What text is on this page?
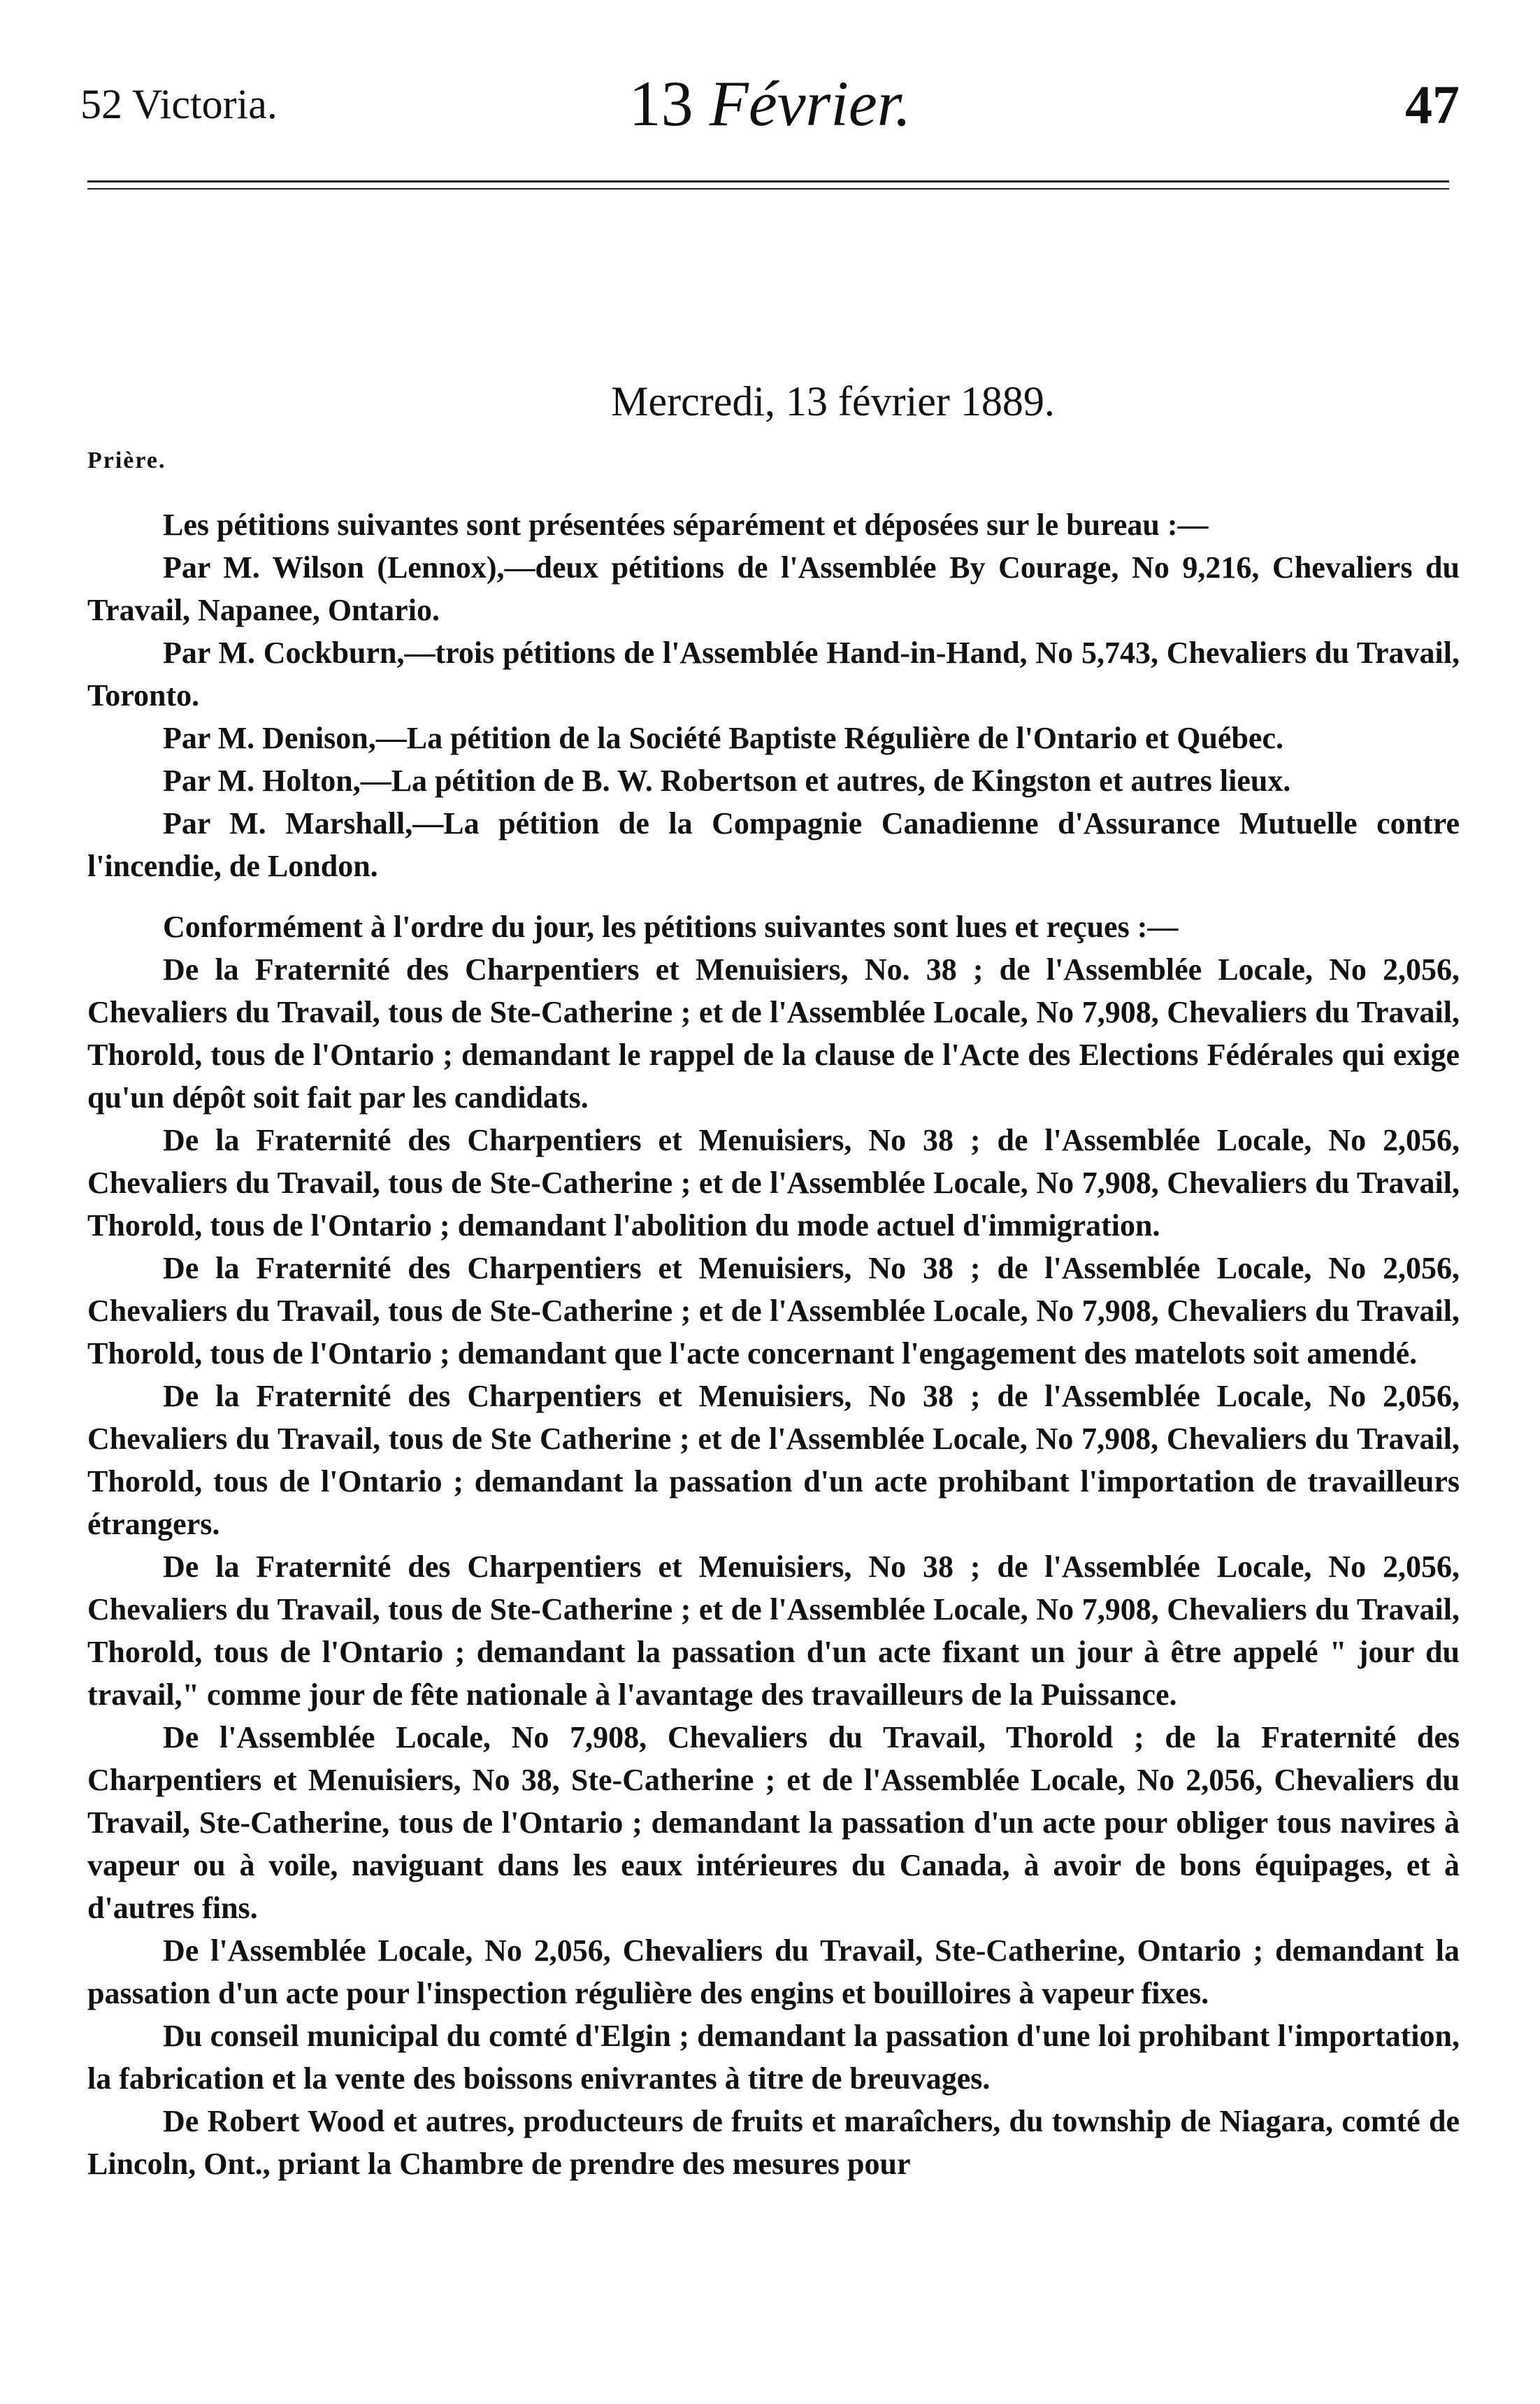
52 Victoria.	13 Février.	47
Mercredi, 13 février 1889.
Prière.

Les pétitions suivantes sont présentées séparément et déposées sur le bureau :—

Par M. Wilson (Lennox),—deux pétitions de l'Assemblée By Courage, No 9,216, Chevaliers du Travail, Napanee, Ontario.

Par M. Cockburn,—trois pétitions de l'Assemblée Hand-in-Hand, No 5,743, Chevaliers du Travail, Toronto.

Par M. Denison,—La pétition de la Société Baptiste Régulière de l'Ontario et Québec.

Par M. Holton,—La pétition de B. W. Robertson et autres, de Kingston et autres lieux.

Par M. Marshall,—La pétition de la Compagnie Canadienne d'Assurance Mutuelle contre l'incendie, de London.

Conformément à l'ordre du jour, les pétitions suivantes sont lues et reçues :—

De la Fraternité des Charpentiers et Menuisiers, No. 38 ; de l'Assemblée Locale, No 2,056, Chevaliers du Travail, tous de Ste-Catherine ; et de l'Assemblée Locale, No 7,908, Chevaliers du Travail, Thorold, tous de l'Ontario ; demandant le rappel de la clause de l'Acte des Elections Fédérales qui exige qu'un dépôt soit fait par les candidats.

De la Fraternité des Charpentiers et Menuisiers, No 38 ; de l'Assemblée Locale, No 2,056, Chevaliers du Travail, tous de Ste-Catherine ; et de l'Assemblée Locale, No 7,908, Chevaliers du Travail, Thorold, tous de l'Ontario ; demandant l'abolition du mode actuel d'immigration.

De la Fraternité des Charpentiers et Menuisiers, No 38 ; de l'Assemblée Locale, No 2,056, Chevaliers du Travail, tous de Ste-Catherine ; et de l'Assemblée Locale, No 7,908, Chevaliers du Travail, Thorold, tous de l'Ontario ; demandant que l'acte concernant l'engagement des matelots soit amendé.

De la Fraternité des Charpentiers et Menuisiers, No 38 ; de l'Assemblée Locale, No 2,056, Chevaliers du Travail, tous de Ste Catherine ; et de l'Assemblée Locale, No 7,908, Chevaliers du Travail, Thorold, tous de l'Ontario ; demandant la passation d'un acte prohibant l'importation de travailleurs étrangers.

De la Fraternité des Charpentiers et Menuisiers, No 38 ; de l'Assemblée Locale, No 2,056, Chevaliers du Travail, tous de Ste-Catherine ; et de l'Assemblée Locale, No 7,908, Chevaliers du Travail, Thorold, tous de l'Ontario ; demandant la passation d'un acte fixant un jour à être appelé " jour du travail," comme jour de fête nationale à l'avantage des travailleurs de la Puissance.

De l'Assemblée Locale, No 7,908, Chevaliers du Travail, Thorold ; de la Fraternité des Charpentiers et Menuisiers, No 38, Ste-Catherine ; et de l'Assemblée Locale, No 2,056, Chevaliers du Travail, Ste-Catherine, tous de l'Ontario ; demandant la passation d'un acte pour obliger tous navires à vapeur ou à voile, naviguant dans les eaux intérieures du Canada, à avoir de bons équipages, et à d'autres fins.

De l'Assemblée Locale, No 2,056, Chevaliers du Travail, Ste-Catherine, Ontario ; demandant la passation d'un acte pour l'inspection régulière des engins et bouilloires à vapeur fixes.

Du conseil municipal du comté d'Elgin ; demandant la passation d'une loi prohibant l'importation, la fabrication et la vente des boissons enivrantes à titre de breuvages.

De Robert Wood et autres, producteurs de fruits et maraîchers, du township de Niagara, comté de Lincoln, Ont., priant la Chambre de prendre des mesures pour
